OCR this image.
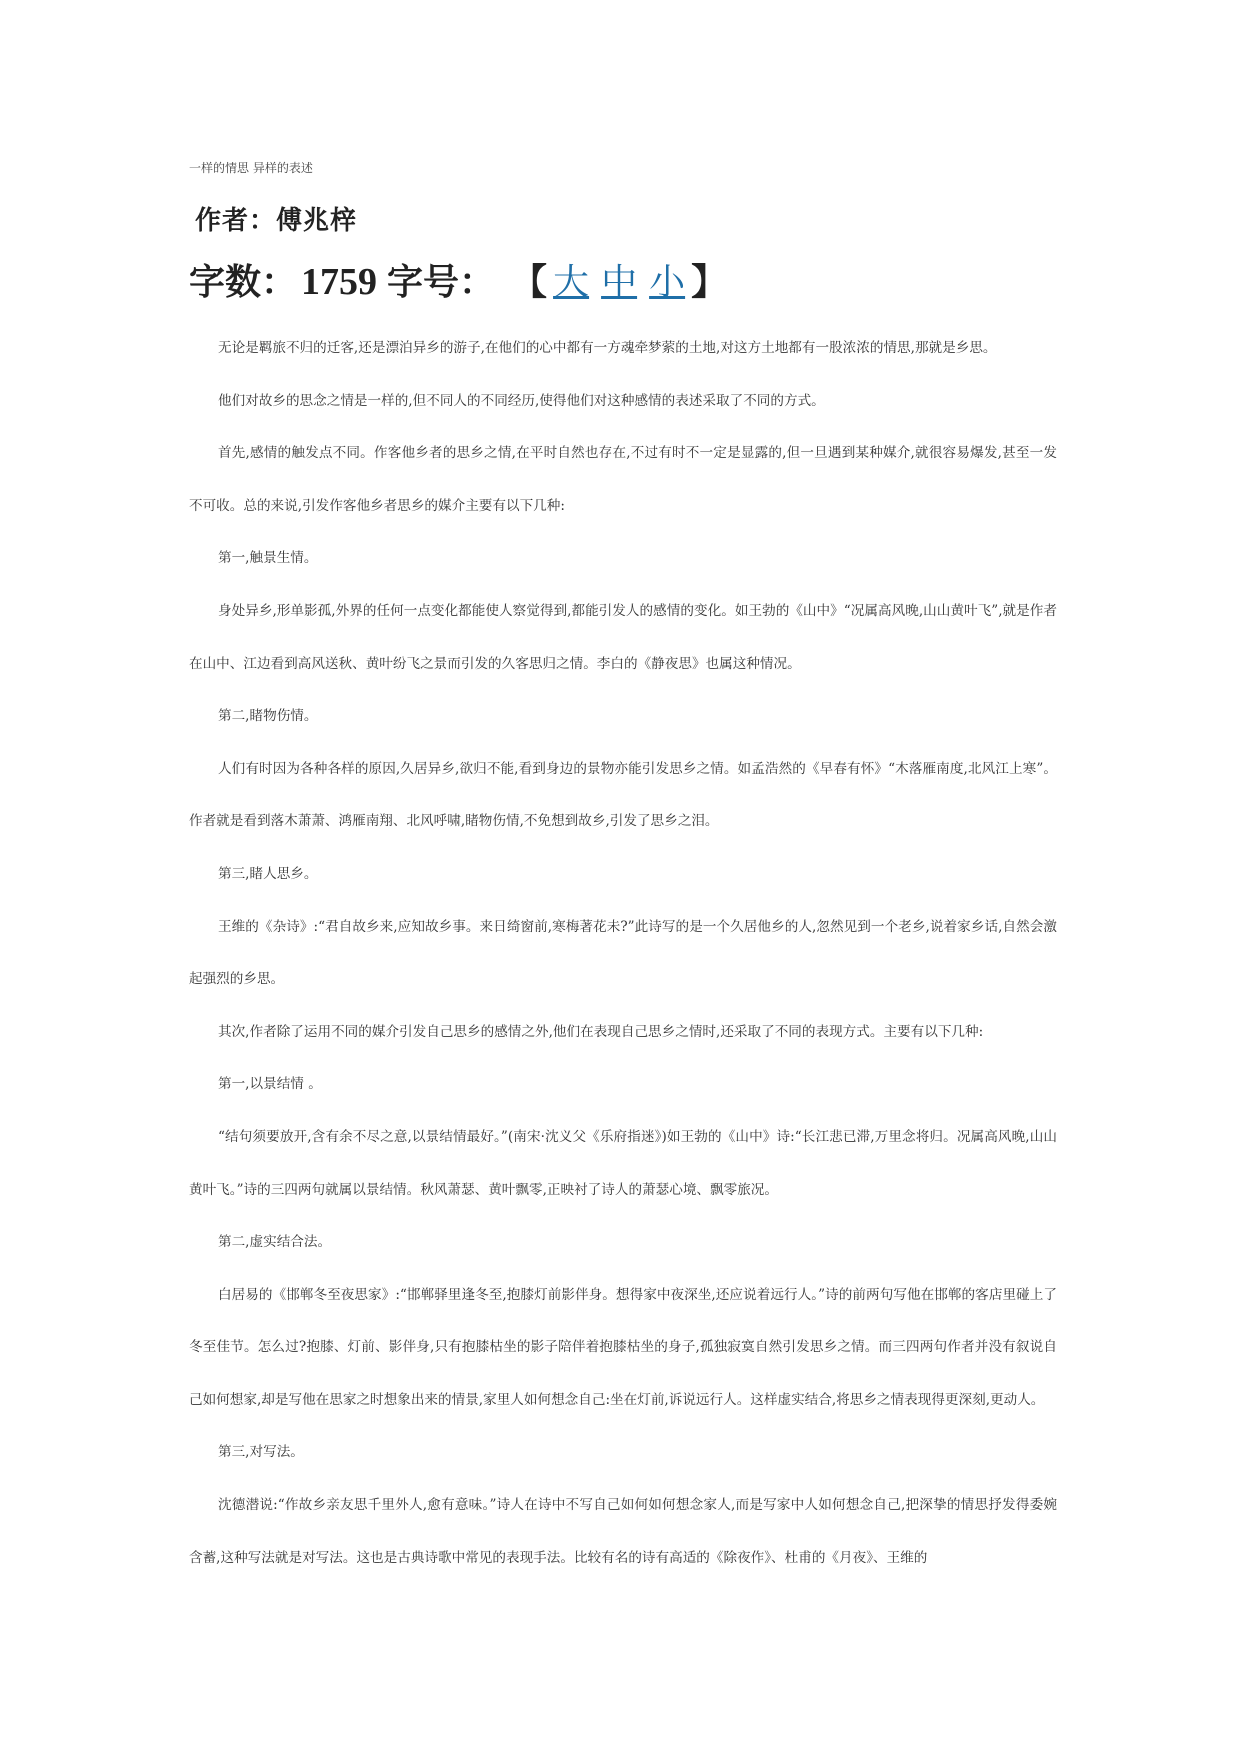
一样的情思 异样的表述
作者：傅兆梓
字数： 1759 字号： 【 大 中 小 】

无论是羁旅不归的迁客,还是漂泊异乡的游子,在他们的心中都有一方魂牵梦萦的土地,对这方土地都有一股浓浓的情思,那就是乡思。

他们对故乡的思念之情是一样的,但不同人的不同经历,使得他们对这种感情的表述采取了不同的方式。

首先,感情的触发点不同。作客他乡者的思乡之情,在平时自然也存在,不过有时不一定是显露的,但一旦遇到某种媒介,就很容易爆发,甚至一发不可收。总的来说,引发作客他乡者思乡的媒介主要有以下几种:

第一,触景生情。

身处异乡,形单影孤,外界的任何一点变化都能使人察觉得到,都能引发人的感情的变化。如王勃的《山中》“况属高风晚,山山黄叶飞”,就是作者在山中、江边看到高风送秋、黄叶纷飞之景而引发的久客思归之情。李白的《静夜思》也属这种情况。

第二,睹物伤情。

人们有时因为各种各样的原因,久居异乡,欲归不能,看到身边的景物亦能引发思乡之情。如孟浩然的《早春有怀》“木落雁南度,北风江上寒”。作者就是看到落木萧萧、鸿雁南翔、北风呼啸,睹物伤情,不免想到故乡,引发了思乡之泪。

第三,睹人思乡。

王维的《杂诗》:“君自故乡来,应知故乡事。来日绮窗前,寒梅著花未?”此诗写的是一个久居他乡的人,忽然见到一个老乡,说着家乡话,自然会激起强烈的乡思。

其次,作者除了运用不同的媒介引发自己思乡的感情之外,他们在表现自己思乡之情时,还采取了不同的表现方式。主要有以下几种:

第一,以景结情 。

“结句须要放开,含有余不尽之意,以景结情最好。”(南宋·沈义父《乐府指迷》)如王勃的《山中》诗:“长江悲已滞,万里念将归。况属高风晚,山山黄叶飞。”诗的三四两句就属以景结情。秋风萧瑟、黄叶飘零,正映衬了诗人的萧瑟心境、飘零旅况。

第二,虚实结合法。

白居易的《邯郸冬至夜思家》:“邯郸驿里逢冬至,抱膝灯前影伴身。想得家中夜深坐,还应说着远行人。”诗的前两句写他在邯郸的客店里碰上了冬至佳节。怎么过?抱膝、灯前、影伴身,只有抱膝枯坐的影子陪伴着抱膝枯坐的身子,孤独寂寞自然引发思乡之情。而三四两句作者并没有叙说自己如何想家,却是写他在思家之时想象出来的情景,家里人如何想念自己:坐在灯前,诉说远行人。这样虚实结合,将思乡之情表现得更深刻,更动人。

第三,对写法。

沈德潜说:“作故乡亲友思千里外人,愈有意味。”诗人在诗中不写自己如何如何想念家人,而是写家中人如何想念自己,把深挚的情思抒发得委婉含蓄,这种写法就是对写法。这也是古典诗歌中常见的表现手法。比较有名的诗有高适的《除夜作》、杜甫的《月夜》、王维的
